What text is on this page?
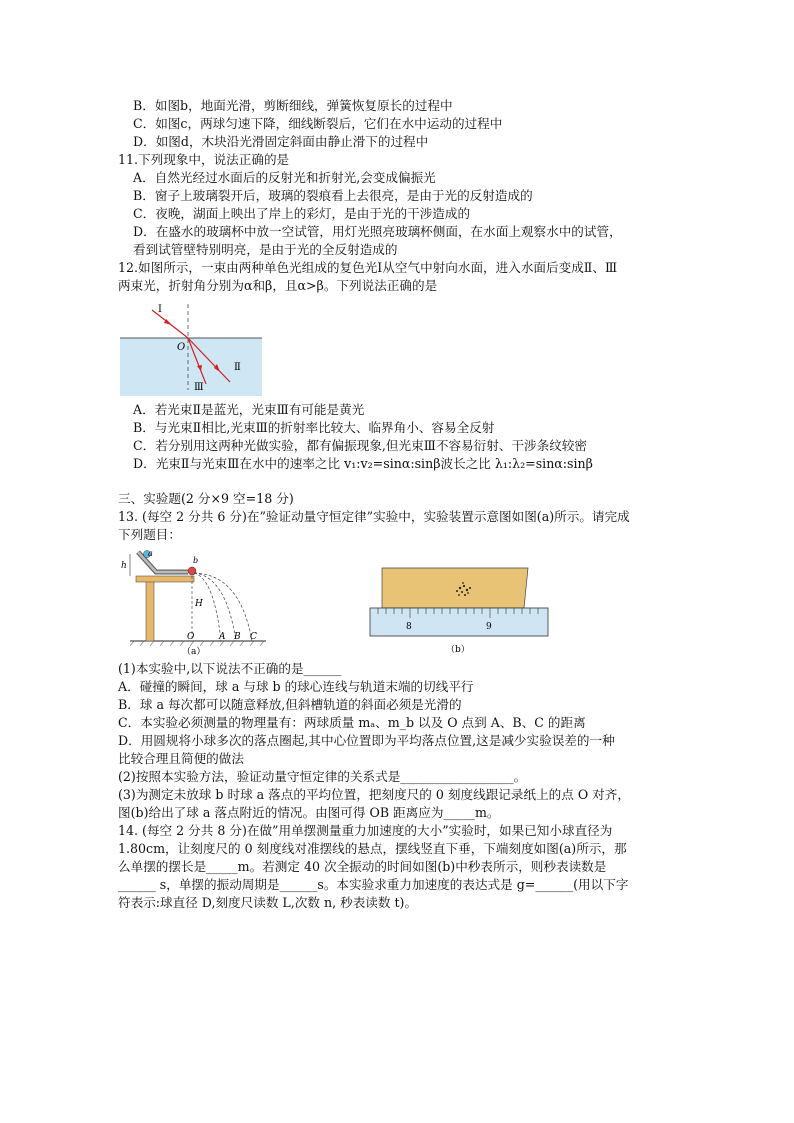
B．如图b，地面光滑，剪断细线，弹簧恢复原长的过程中
C．如图c，两球匀速下降，细线断裂后，它们在水中运动的过程中
D．如图d，木块沿光滑固定斜面由静止滑下的过程中
11.下列现象中，说法正确的是
A．自然光经过水面后的反射光和折射光,会变成偏振光
B．窗子上玻璃裂开后，玻璃的裂痕看上去很亮，是由于光的反射造成的
C．夜晚，湖面上映出了岸上的彩灯，是由于光的干涉造成的
D．在盛水的玻璃杯中放一空试管，用灯光照亮玻璃杯侧面，在水面上观察水中的试管，
看到试管壁特别明亮，是由于光的全反射造成的
12.如图所示，一束由两种单色光组成的复色光Ⅰ从空气中射向水面，进入水面后变成Ⅱ、Ⅲ
两束光，折射角分别为α和β，且α>β。下列说法正确的是
Ⅰ
O
Ⅱ
Ⅲ
A．若光束Ⅱ是蓝光，光束Ⅲ有可能是黄光
B．与光束Ⅱ相比,光束Ⅲ的折射率比较大、临界角小、容易全反射
C．若分别用这两种光做实验，都有偏振现象,但光束Ⅲ不容易衍射、干涉条纹较密
D．光束Ⅱ与光束Ⅲ在水中的速率之比 v₁:v₂=sinα:sinβ波长之比 λ₁:λ₂=sinα:sinβ
三、实验题(2 分×9 空=18 分)
13. (每空 2 分共 6 分)在”验证动量守恒定律”实验中，实验装置示意图如图(a)所示。请完成
下列题目：
h
H
a
b
O	A B C
（a）
8	9
（b）
(1)本实验中,以下说法不正确的是______
A．碰撞的瞬间，球 a 与球 b 的球心连线与轨道末端的切线平行
B．球 a 每次都可以随意释放,但斜槽轨道的斜面必须是光滑的
C．本实验必须测量的物理量有：两球质量 mₐ、m_b 以及 O 点到 A、B、C 的距离
D．用圆规将小球多次的落点圈起,其中心位置即为平均落点位置,这是减少实验误差的一种
比较合理且简便的做法
(2)按照本实验方法，验证动量守恒定律的关系式是__________________。
(3)为测定未放球 b 时球 a 落点的平均位置，把刻度尺的 0 刻度线跟记录纸上的点 O 对齐，
图(b)给出了球 a 落点附近的情况。由图可得 OB 距离应为_____m。
14. (每空 2 分共 8 分)在做”用单摆测量重力加速度的大小”实验时，如果已知小球直径为
1.80cm，让刻度尺的 0 刻度线对准摆线的悬点，摆线竖直下垂，下端刻度如图(a)所示，那
么单摆的摆长是_____m。若测定 40 次全振动的时间如图(b)中秒表所示，则秒表读数是
______ s，单摆的振动周期是______s。本实验求重力加速度的表达式是 g=______(用以下字
符表示:球直径 D,刻度尺读数 L,次数 n, 秒表读数 t)。
